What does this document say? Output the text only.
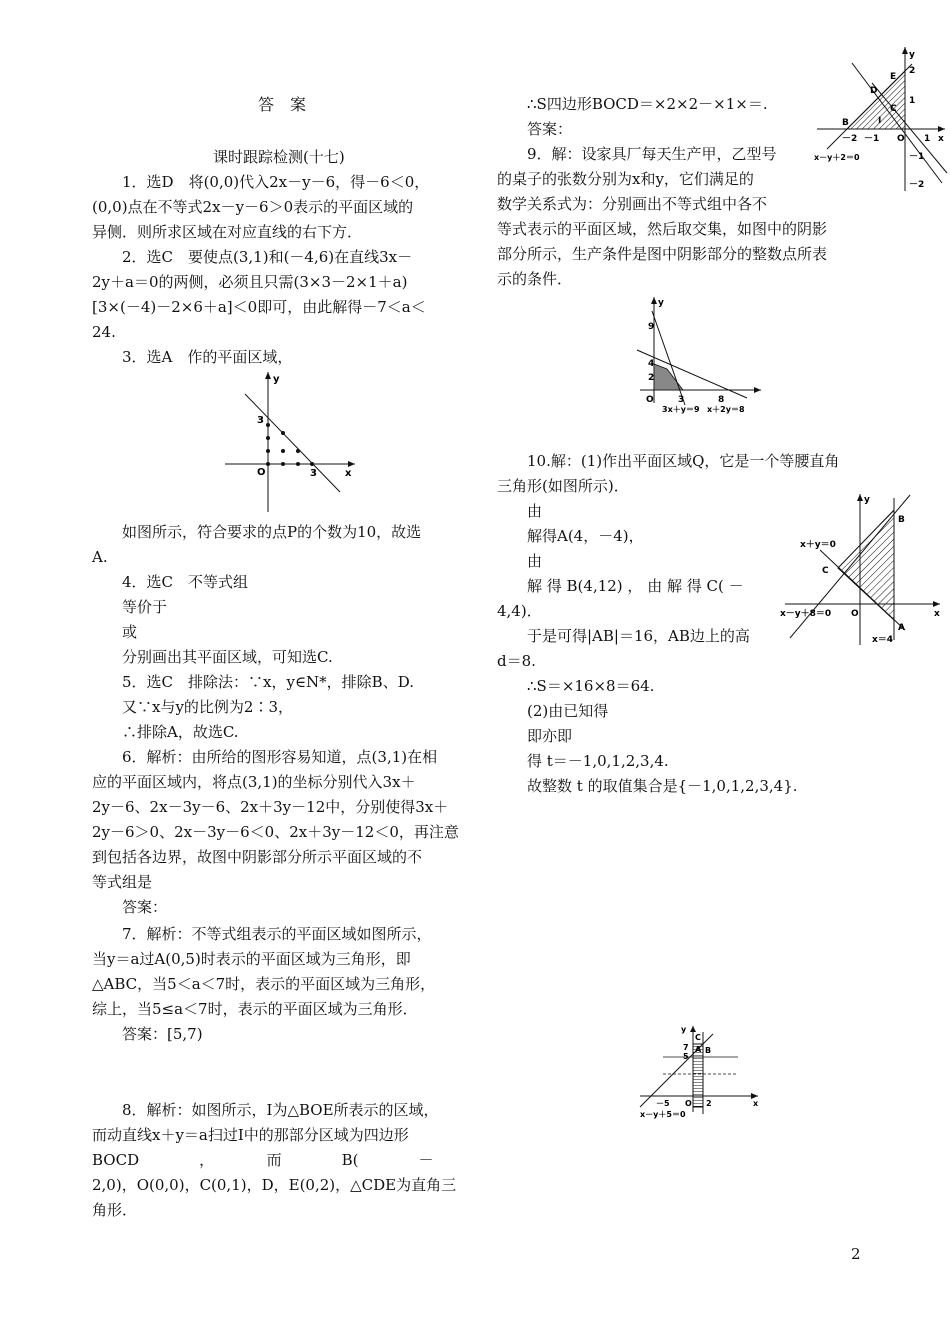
答　案
课时跟踪检测(十七)
1．选D　将(0,0)代入2x－y－6，得－6＜0，
(0,0)点在不等式2x－y－6＞0表示的平面区域的
异侧．则所求区域在对应直线的右下方．
2．选C　要使点(3,1)和(－4,6)在直线3x－
2y＋a＝0的两侧，必须且只需(3×3－2×1＋a)
[3×(－4)－2×6＋a]＜0即可，由此解得－7＜a＜
24.
3．选A　作的平面区域，
y
3
O	3	x
如图所示，符合要求的点P的个数为10，故选
A.
4．选C　不等式组
等价于
或
分别画出其平面区域，可知选C.
5．选C　排除法：∵x，y∈N*，排除B、D.
又∵x与y的比例为2∶3，
∴排除A，故选C.
6．解析：由所给的图形容易知道，点(3,1)在相
应的平面区域内，将点(3,1)的坐标分别代入3x＋
2y－6、2x－3y－6、2x＋3y－12中，分别使得3x＋
2y－6＞0、2x－3y－6＜0、2x＋3y－12＜0，再注意
到包括各边界，故图中阴影部分所示平面区域的不
等式组是
答案：
7．解析：不等式组表示的平面区域如图所示，
当y＝a过A(0,5)时表示的平面区域为三角形，即
△ABC，当5＜a＜7时，表示的平面区域为三角形，
综上，当5≤a＜7时，表示的平面区域为三角形．
答案：[5,7)
8．解析：如图所示，Ⅰ为△BOE所表示的区域，
而动直线x＋y＝a扫过Ⅰ中的那部分区域为四边形
BOCD　　　　，　　　　而　　　　B(　　　　－
2,0)，O(0,0)，C(0,1)，D，E(0,2)，△CDE为直角三
角形．
∴S四边形BOCD＝×2×2－×1×＝.
答案：
9．解：设家具厂每天生产甲，乙型号
的桌子的张数分别为x和y，它们满足的
数学关系式为：分别画出不等式组中各不
等式表示的平面区域，然后取交集，如图中的阴影
部分所示，生产条件是图中阴影部分的整数点所表
示的条件．
y
2
E
D
1
C
B	I
O
－2 －1	1 x
－1
－2
x－y＋2＝0
y
9
4
2
O	3	8
3x＋y＝9 x＋2y＝8
10.解：(1)作出平面区域Q，它是一个等腰直角
三角形(如图所示)．
由
解得A(4，－4)，
由
解 得 B(4,12) ， 由 解 得 C( －
4,4)．
于是可得|AB|＝16，AB边上的高
d＝8.
∴S＝×16×8＝64.
(2)由已知得
即亦即
得 t＝－1,0,1,2,3,4.
故整数 t 的取值集合是{－1,0,1,2,3,4}.
y
B
x＋y＝0
C
O	x
x－y＋8＝0
A
x＝4
y
7
5
C
A B
－5 O 2	x
x－y＋5＝0
2
